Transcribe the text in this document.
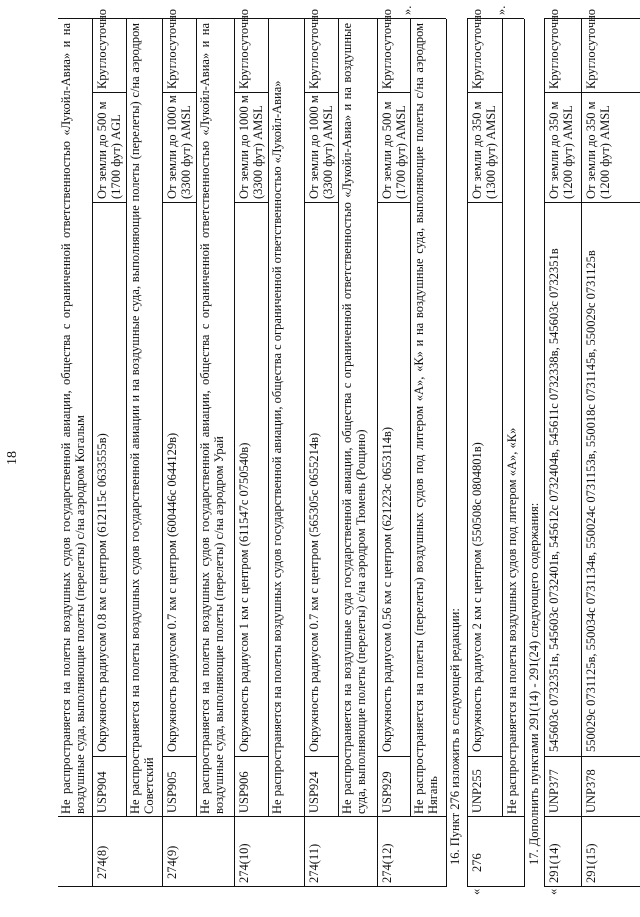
18	Не распространяется на полеты воздушных судов государственной авиации, общества с ограниченной ответственностью «Лукойл-Авиа» и на воздушные суда, выполняющие полеты (перелеты) с/на аэродром Когалым
274(8)
USP904
Окружность радиусом 0.8 км с центром (612115с 0633555в)
От земли до 500 м (1700 фут) AGL
Круглосуточно Не распространяется на полеты воздушных судов государственной авиации и на воздушные суда, выполняющие полеты (перелеты) с/на аэродром Советский
274(9)
USP905
Окружность радиусом 0.7 км с центром (600446с 0644129в)
От земли до 1000 м (3300 фут) AMSL
Круглосуточно Не распространяется на полеты воздушных судов государственной авиации, общества с ограниченной ответственностью «Лукойл-Авиа» и на воздушные суда, выполняющие полеты (перелеты) с/на аэродром Урай
274(10)
USP906
Окружность радиусом 1 км с центром (611547с 0750540в)
От земли до 1000 м (3300 фут) AMSL
Круглосуточно
Не распространяется на полеты воздушных судов государственной авиации, общества с ограниченной ответственностью «Лукойл-Авиа»
274(11)
USP924
Окружность радиусом 0.7 км с центром (565305с 0655214в)
От земли до 1000 м (3300 фут) AMSL
Круглосуточно Не распространяется на воздушные суда государственной авиации, общества с ограниченной ответственностью «Лукойл-Авиа» и на воздушные суда, выполняющие полеты (перелеты) с/на аэродром Тюмень (Рощино)
274(12)
USP929
Окружность радиусом 0.56 км с центром (621223с 0653114в)
От земли до 500 м (1700 фут) AMSL
Круглосуточно Не распространяется на полеты (перелеты) воздушных судов под литером «А», «К» и на воздушные суда, выполняющие полеты с/на аэродром Нягань
».
16. Пункт 276 изложить в следующей редакции:
«
276
UNP255
Окружность радиусом 2 км с центром (550508с 0804801в)
От земли до 350 м (1300 фут) AMSL
Круглосуточно
Не распространяется на полеты воздушных судов под литером «А», «К»
».
17. Дополнить пунктами 291(14) - 291(24) следующего содержания:
«
291(14)
UNP377
545603с 0732351в, 545603с 0732401в, 545612с 0732404в, 545611с 0732338в, 545603с 0732351в
От земли до 350 м (1200 фут) AMSL
Круглосуточно
291(15)
UNP378
550029с 0731125в, 550034с 0731134в, 550024с 0731153в, 550018с 0731145в, 550029с 0731125в
От земли до 350 м (1200 фут) AMSL
Круглосуточно
